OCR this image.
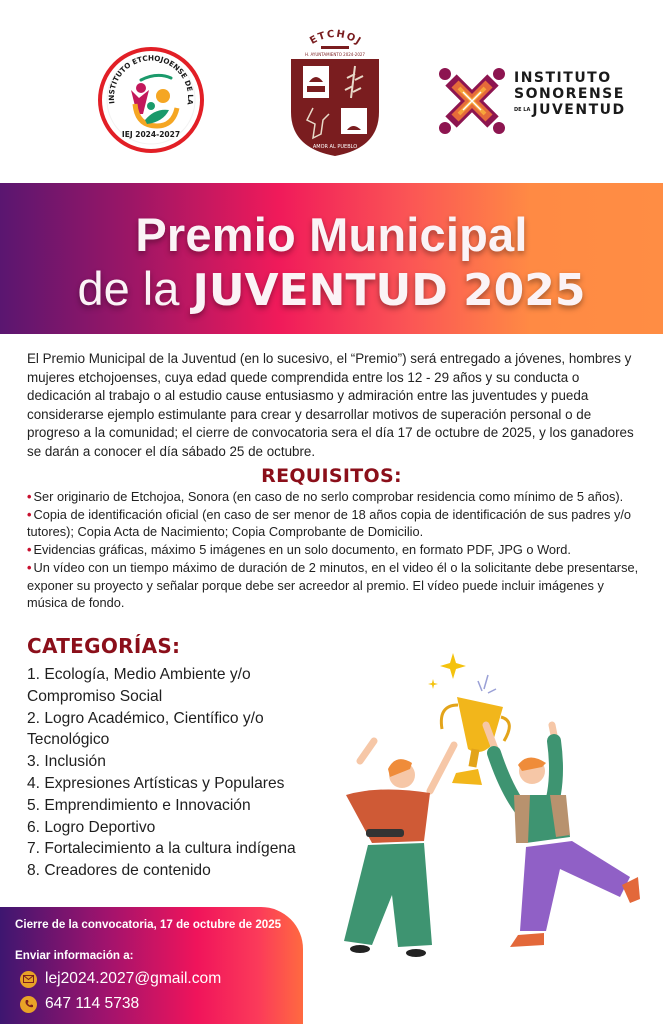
INSTITUTO ETCHOJOENSE DE LA
IEJ 2024-2027
ETCHOJ
H. AYUNTAMIENTO 2024-2027
AMOR AL PUEBLO
INSTITUTO
SONORENSE
DE LA JUVENTUD
Premio Municipal
de la JUVENTUD 2025

El Premio Municipal de la Juventud (en lo sucesivo, el “Premio”) será entregado a jóvenes, hombres y mujeres etchojoenses, cuya edad quede comprendida entre los 12 - 29 años y su conducta o dedicación al trabajo o al estudio cause entusiasmo y admiración entre las juventudes y pueda considerarse ejemplo estimulante para crear y desarrollar motivos de superación personal o de progreso a la comunidad; el cierre de convocatoria sera el día 17 de octubre de 2025, y los ganadores se darán a conocer el día sábado 25 de octubre.

REQUISITOS:
• Ser originario de Etchojoa, Sonora (en caso de no serlo comprobar residencia como mínimo de 5 años).
• Copia de identificación oficial (en caso de ser menor de 18 años copia de identificación de sus padres y/o tutores); Copia Acta de Nacimiento; Copia Comprobante de Domicilio.
• Evidencias gráficas, máximo 5 imágenes en un solo documento, en formato PDF, JPG o Word.
• Un vídeo con un tiempo máximo de duración de 2 minutos, en el video él o la solicitante debe presentarse, exponer su proyecto y señalar porque debe ser acreedor al premio. El vídeo puede incluir imágenes y música de fondo.
CATEGORÍAS:
1. Ecología, Medio Ambiente y/o Compromiso Social
2. Logro Académico, Científico y/o Tecnológico
3. Inclusión
4. Expresiones Artísticas y Populares
5. Emprendimiento e Innovación
6. Logro Deportivo
7. Fortalecimiento a la cultura indígena
8. Creadores de contenido
Cierre de la convocatoria, 17 de octubre de 2025
Enviar información a:
lej2024.2027@gmail.com
647 114 5738
